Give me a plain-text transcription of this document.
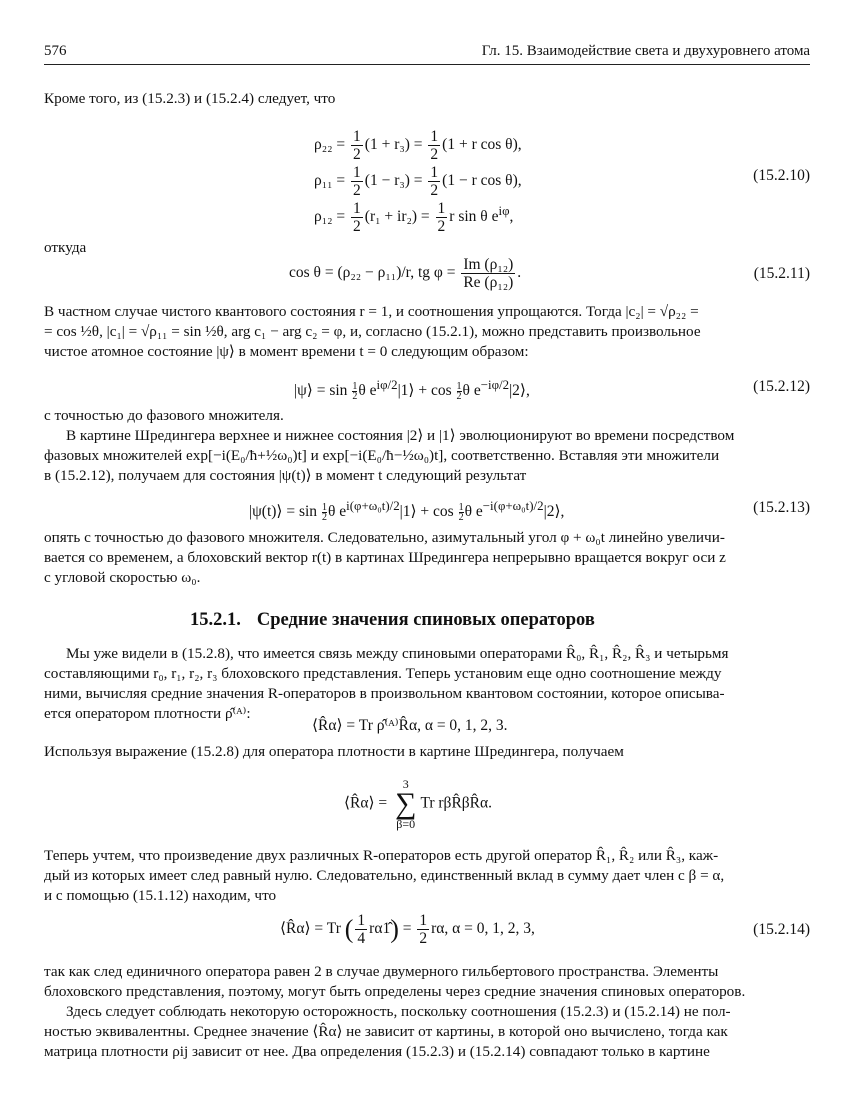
576	Гл. 15. Взаимодействие света и двухуровнего атома
Кроме того, из (15.2.3) и (15.2.4) следует, что
$\rho_{22} = \frac{1}{2} (1 + r_3) = \frac{1}{2} (1 + r$ cos θ),
$\rho_{11} = \frac{1}{2} (1 - r_3) = \frac{1}{2} (1 - r$ cos θ),
$\rho_{12} = \frac{1}{2} (r_1 + ir_2) = \frac{1}{2}$ r sin θ $e^{i\varphi}$,
(15.2.10)
откуда
cos θ = (ρ₂₂ − ρ₁₁)/r, tg $\varphi = \frac{\text{Im (ρ₁₂)}}{\text{Re (ρ₁₂)}}$ .	(15.2.11)
В частном случае чистого квантового состояния r = 1, и соотношения упрощаются. Тогда |c₂| = √ρ₂₂ =
= cos ½θ, |c₁| = √ρ₁₁ = sin ½θ, arg c₁ − arg c₂ = φ, и, согласно (15.2.1), можно представить произвольное
чистое атомное состояние |ψ⟩ в момент времени t = 0 следующим образом:
|ψ⟩ = $\sin \frac{1}{2}$ θ $e^{i\varphi/2}|1⟩ + \cos \frac{1}{2}$ θ $e^{-i\varphi/2}|2⟩$,	(15.2.12)
с точностью до фазового множителя.
В картине Шредингера верхнее и нижнее состояния |2⟩ и |1⟩ эволюционируют во времени посредством
фазовых множителей exp[−i(E₀/ħ+½ω₀)t] и exp[−i(E₀/ħ−½ω₀)t], соответственно. Вставляя эти множители
в (15.2.12), получаем для состояния |ψ(t)⟩ в момент t следующий результат
|ψ(t)⟩ = $\sin \frac{1}{2}$ θ $e^{i(\varphi+\omega_0t)/2}|1⟩ + \cos \frac{1}{2}$ θ $e^{-i(\varphi+\omega_0t)/2}|2⟩$,	(15.2.13)
опять с точностью до фазового множителя. Следовательно, азимутальный угол φ + ω₀t линейно увеличи-
вается со временем, а блоховский вектор r(t) в картинах Шредингера непрерывно вращается вокруг оси z
с угловой скоростью ω₀.
15.2.1. Средние значения спиновых операторов
Мы уже видели в (15.2.8), что имеется связь между спиновыми операторами R̂₀, R̂₁, R̂₂, R̂₃ и четырьмя
составляющими r₀, r₁, r₂, r₃ блоховского представления. Теперь установим еще одно соотношение между
ними, вычисляя средние значения R-операторов в произвольном квантовом состоянии, которое описыва-
ется оператором плотности ρ̂⁽ᴬ⁾:
⟨R̂α⟩ = Tr ρ̂⁽ᴬ⁾R̂α, α = 0, 1, 2, 3.
Используя выражение (15.2.8) для оператора плотности в картине Шредингера, получаем
⟨R̂α⟩ = 3
∑
β=0Tr rβR̂βR̂α.
Теперь учтем, что произведение двух различных R-операторов есть другой оператор R̂₁, R̂₂ или R̂₃, каж-
дый из которых имеет след равный нулю. Следовательно, единственный вклад в сумму дает член с β = α,
и с помощью (15.1.12) находим, что
⟨R̂α⟩ = Tr ( $\frac{1}{4}$ rα1̂) = $\frac{1}{2} r\alpha$, α = 0, 1, 2, 3,	(15.2.14)
так как след единичного оператора равен 2 в случае двумерного гильбертового пространства. Элементы
блоховского представления, поэтому, могут быть определены через средние значения спиновых операторов.
Здесь следует соблюдать некоторую осторожность, поскольку соотношения (15.2.3) и (15.2.14) не пол-
ностью эквивалентны. Среднее значение ⟨R̂α⟩ не зависит от картины, в которой оно вычислено, тогда как
матрица плотности ρij зависит от нее. Два определения (15.2.3) и (15.2.14) совпадают только в картине
